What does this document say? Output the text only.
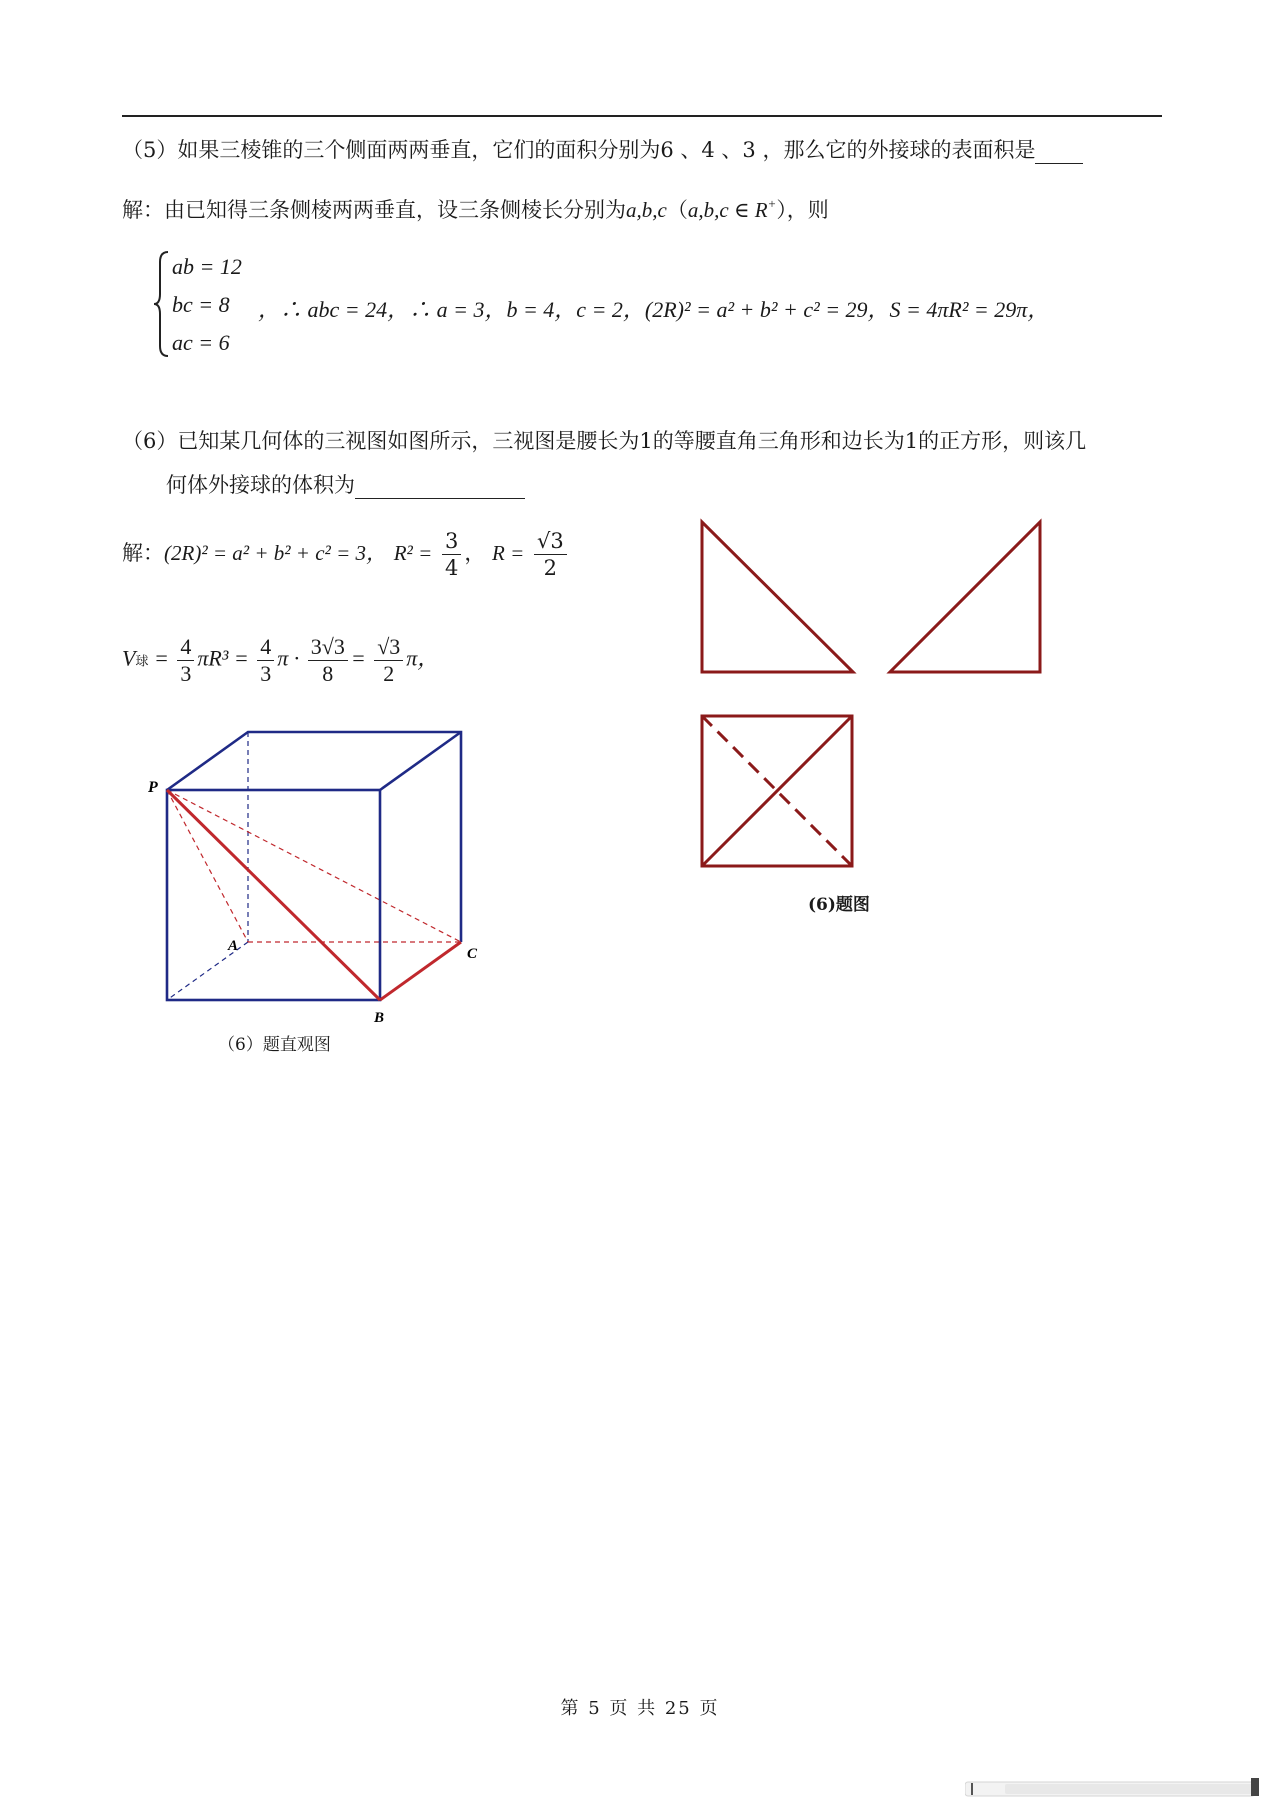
（5）如果三棱锥的三个侧面两两垂直，它们的面积分别为6 、4 、3 ，那么它的外接球的表面积是
解：由已知得三条侧棱两两垂直，设三条侧棱长分别为a,b,c（a,b,c ∈ R+），则
ab = 12
bc = 8
ac = 6
，∴ abc = 24，∴ a = 3，b = 4，c = 2，(2R)² = a² + b² + c² = 29，S = 4πR² = 29π，
（6）已知某几何体的三视图如图所示，三视图是腰长为1的等腰直角三角形和边长为1的正方形，则该几
何体外接球的体积为
解：(2R)² = a² + b² + c² = 3， $R^2 = \frac{3}{4}$ ， $R = \frac{√3}{2}$
V球 = $\frac{4}{3} \pi R^3 = \frac{4}{3}$ $\pi \cdot \frac{3√3}{8} = \frac{√3}{2}$ π，
(6)题图
P
A
B
C
（6）题直观图
第 5 页 共 25 页
